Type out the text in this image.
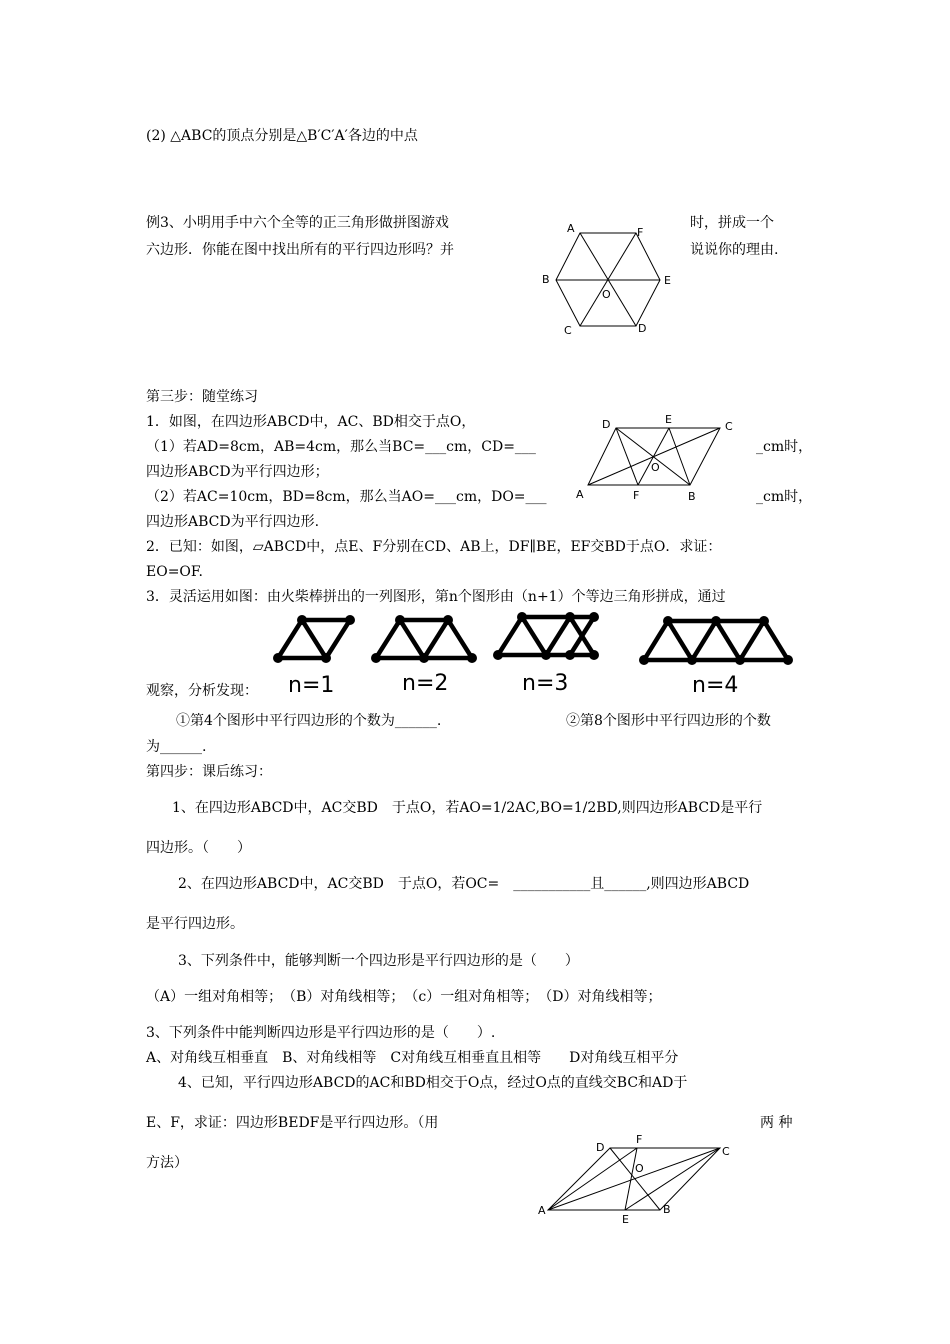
(2) △ABC的顶点分别是△B′C′A′各边的中点
例3、小明用手中六个全等的正三角形做拼图游戏	时，拼成一个
六边形．你能在图中找出所有的平行四边形吗？并	说说你的理由.
第三步：随堂练习
1．如图，在四边形ABCD中，AC、BD相交于点O，
（1）若AD=8cm，AB=4cm，那么当BC=___cm，CD=___	_cm时，
四边形ABCD为平行四边形；
（2）若AC=10cm，BD=8cm，那么当AO=___cm，DO=___	_cm时，
四边形ABCD为平行四边形.
2．已知：如图，▱ABCD中，点E、F分别在CD、AB上，DF∥BE，EF交BD于点O．求证：
EO=OF.
3．灵活运用如图：由火柴棒拼出的一列图形，第n个图形由（n+1）个等边三角形拼成，通过
观察，分析发现：
①第4个图形中平行四边形的个数为______.	②第8个图形中平行四边形的个数
为______.
第四步：课后练习：
1、在四边形ABCD中，AC交BD　于点O，若AO=1/2AC,BO=1/2BD,则四边形ABCD是平行
四边形。（　　）
2、在四边形ABCD中，AC交BD　于点O，若OC=　___________且______,则四边形ABCD
是平行四边形。
3、下列条件中，能够判断一个四边形是平行四边形的是（　　）
（A）一组对角相等；　（B）对角线相等；　（c）一组对角相等；　（D）对角线相等；
3、下列条件中能判断四边形是平行四边形的是（　　）.
A、对角线互相垂直　B、对角线相等　C对角线互相垂直且相等　　D对角线互相平分
4、已知，平行四边形ABCD的AC和BD相交于O点，经过O点的直线交BC和AD于
E、F，求证：四边形BEDF是平行四边形。（用	两 种
方法）
A	F
B	E
O
C	D
D	E
C
O
A	F	B
n=1	n=2	n=3	n=4
D
F
C
O
A
E
B
